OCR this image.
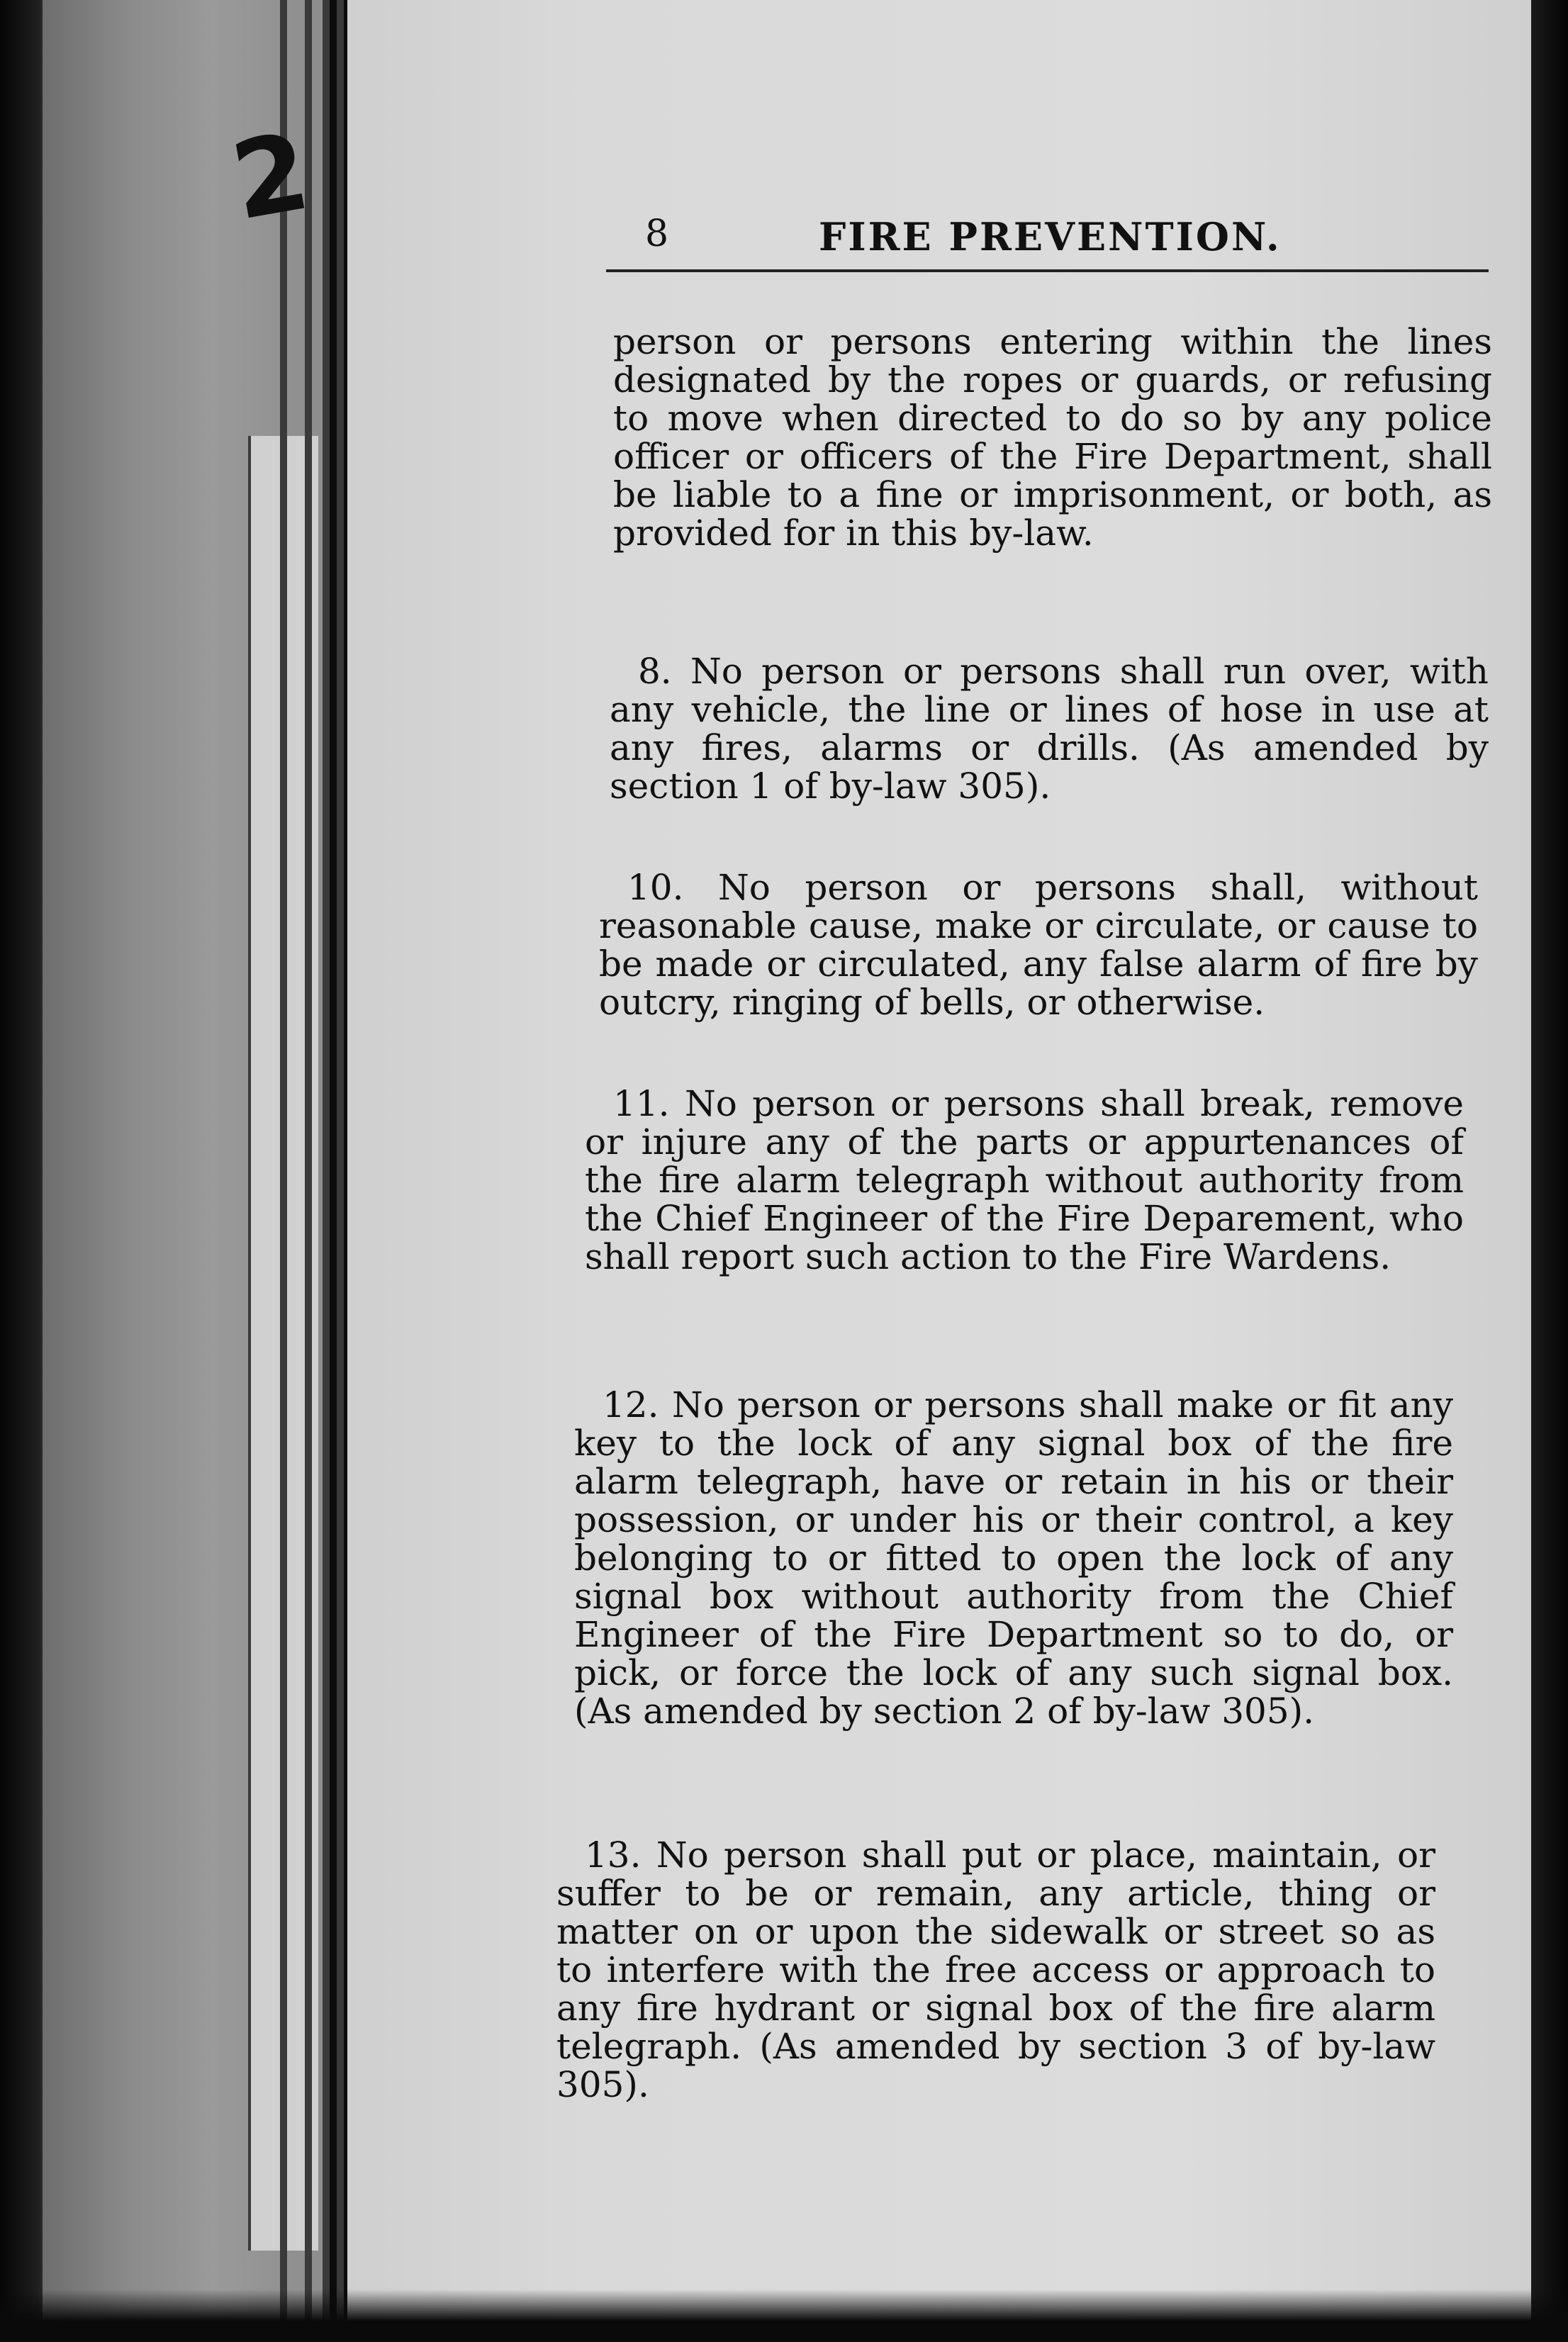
2	8	FIRE PREVENTION.

person or persons entering within the lines designated by the ropes or guards, or refusing to move when directed to do so by any police officer or officers of the Fire Department, shall be liable to a fine or imprisonment, or both, as provided for in this by-law.

8. No person or persons shall run over, with any vehicle, the line or lines of hose in use at any fires, alarms or drills. (As amended by section 1 of by-law 305).

10. No person or persons shall, without reasonable cause, make or circulate, or cause to be made or circulated, any false alarm of fire by outcry, ringing of bells, or otherwise.

11. No person or persons shall break, remove or injure any of the parts or appurtenances of the fire alarm telegraph without authority from the Chief Engineer of the Fire Deparement, who shall report such action to the Fire Wardens.

12. No person or persons shall make or fit any key to the lock of any signal box of the fire alarm telegraph, have or retain in his or their possession, or under his or their control, a key belonging to or fitted to open the lock of any signal box without authority from the Chief Engineer of the Fire Department so to do, or pick, or force the lock of any such signal box. (As amended by section 2 of by-law 305).

13. No person shall put or place, maintain, or suffer to be or remain, any article, thing or matter on or upon the sidewalk or street so as to interfere with the free access or approach to any fire hydrant or signal box of the fire alarm telegraph. (As amended by section 3 of by-law 305).
